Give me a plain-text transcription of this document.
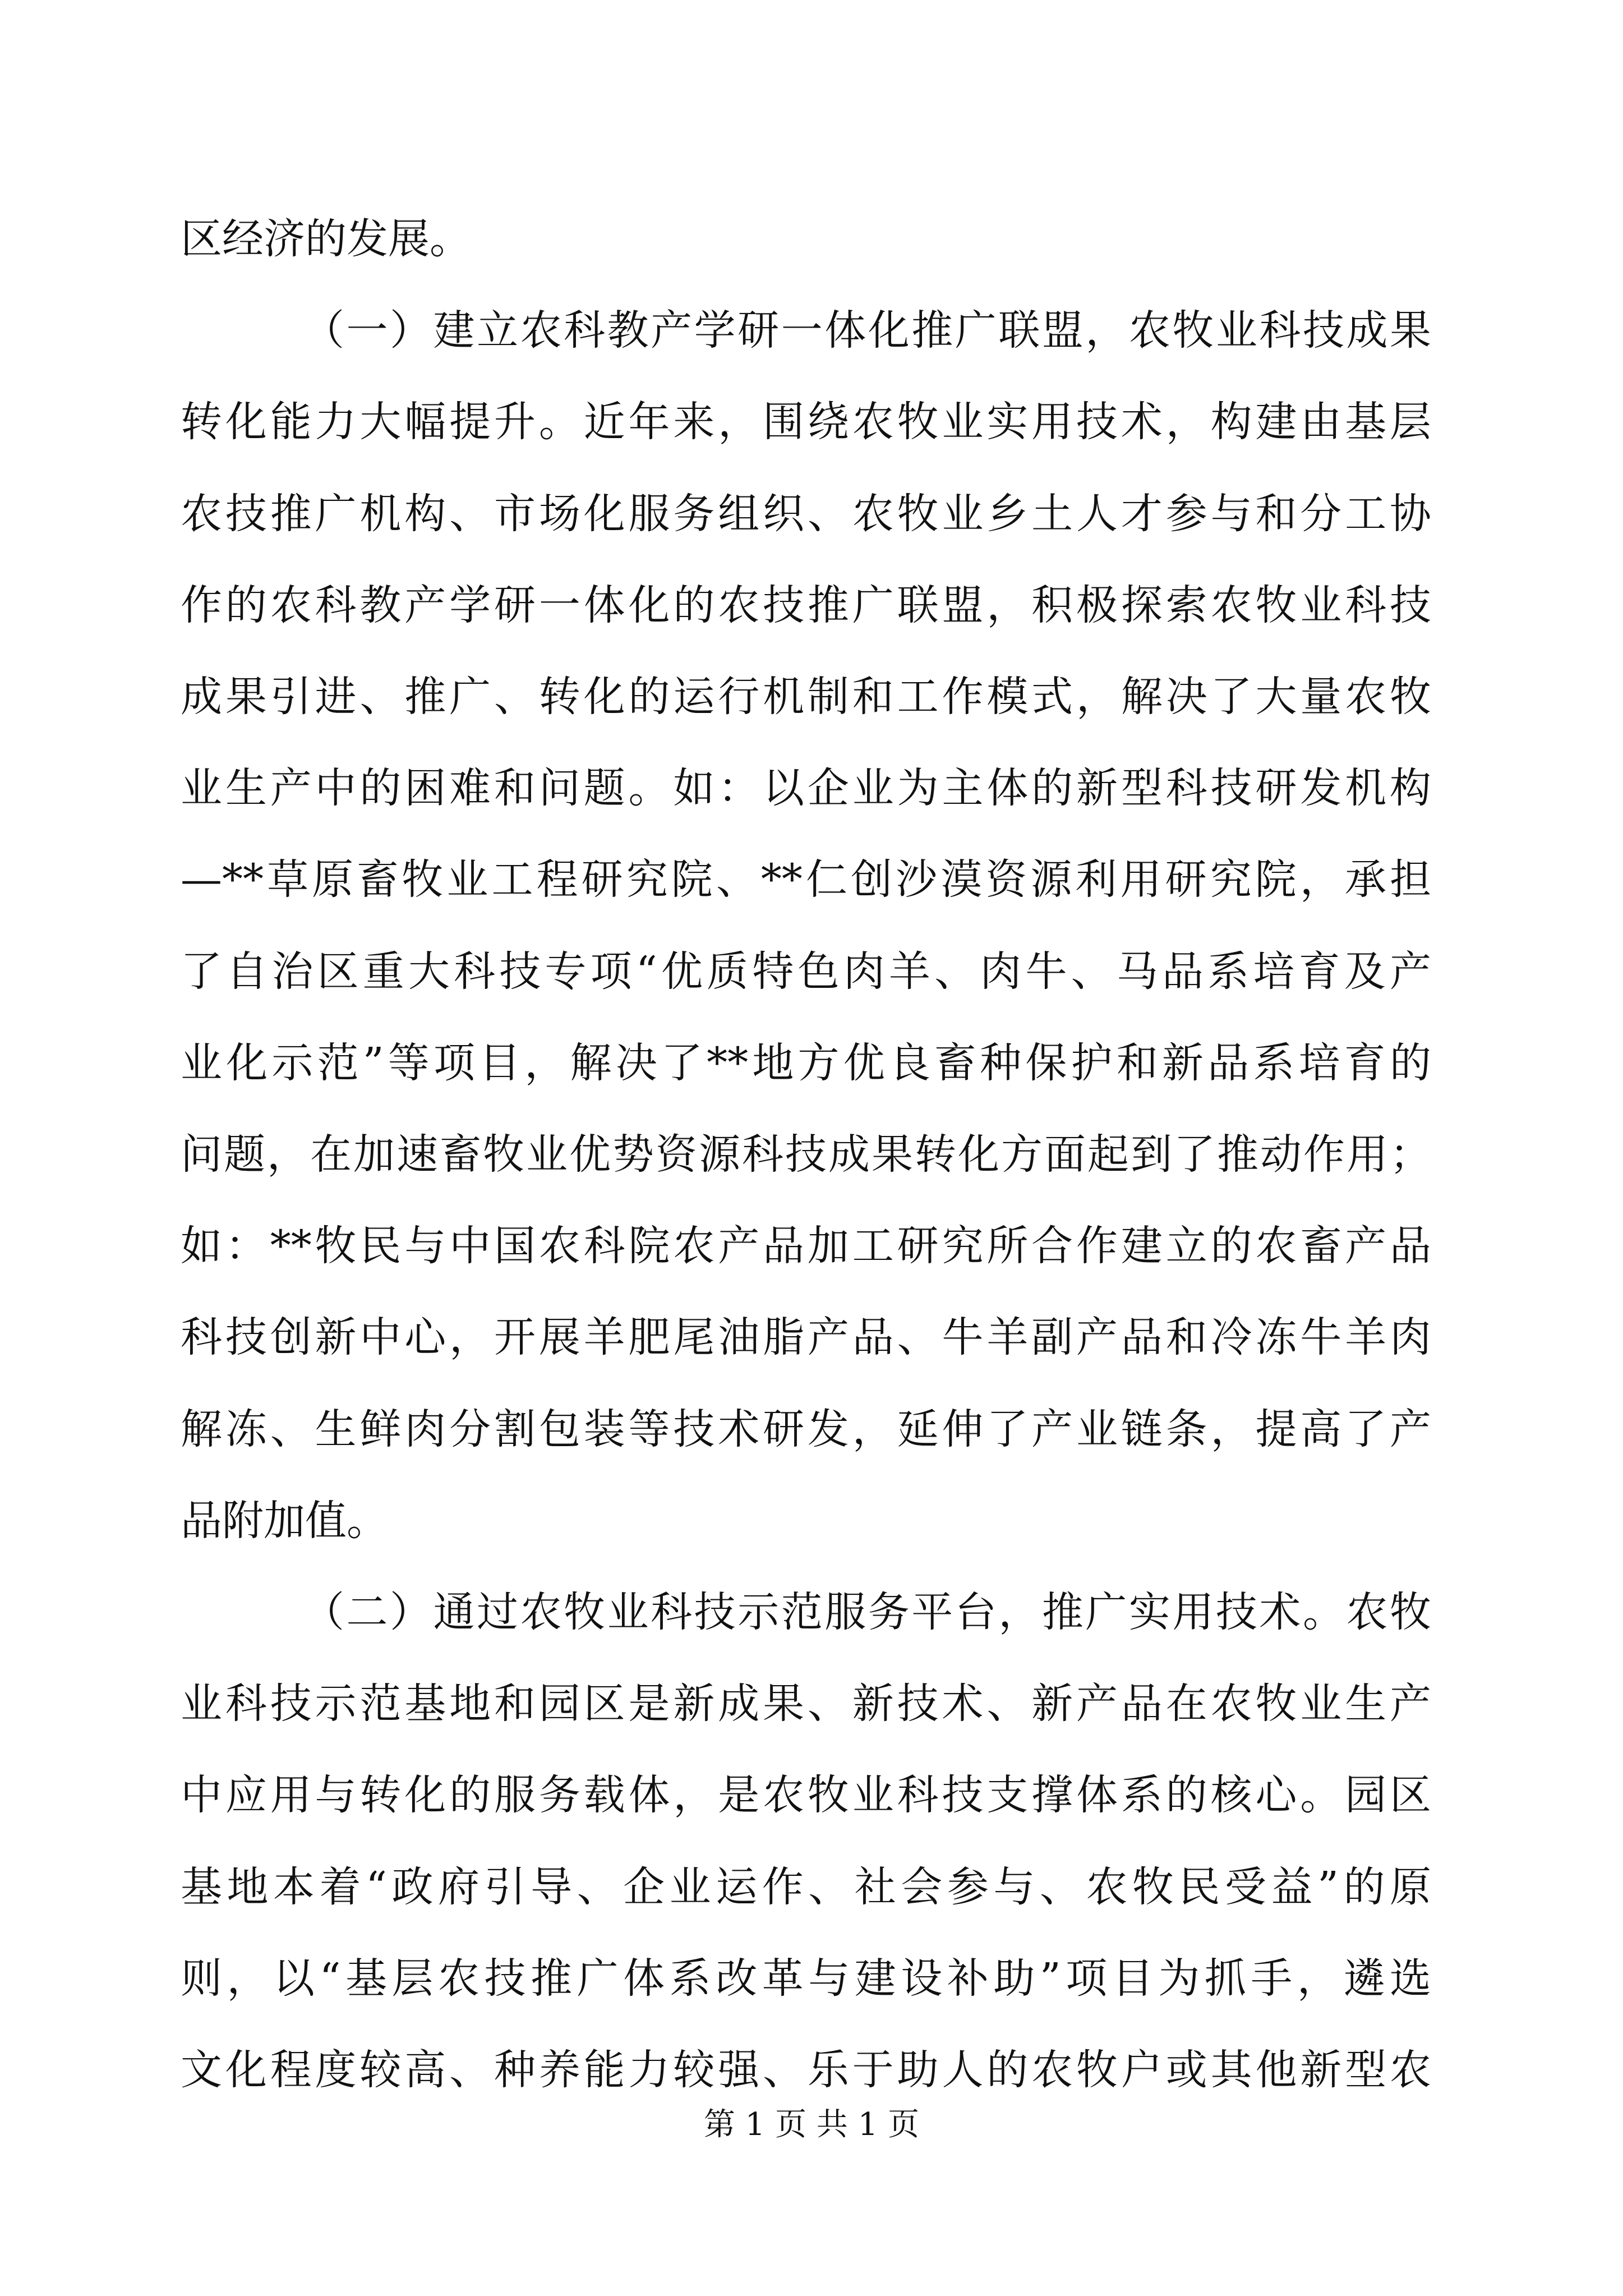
区经济的发展。
（一）建立农科教产学研一体化推广联盟，农牧业科技成果
转化能力大幅提升。近年来，围绕农牧业实用技术，构建由基层
农技推广机构、市场化服务组织、农牧业乡土人才参与和分工协
作的农科教产学研一体化的农技推广联盟，积极探索农牧业科技
成果引进、推广、转化的运行机制和工作模式，解决了大量农牧
业生产中的困难和问题。如：以企业为主体的新型科技研发机构
—**草原畜牧业工程研究院、**仁创沙漠资源利用研究院，承担
了自治区重大科技专项“优质特色肉羊、肉牛、马品系培育及产
业化示范”等项目，解决了**地方优良畜种保护和新品系培育的
问题，在加速畜牧业优势资源科技成果转化方面起到了推动作用；
如：**牧民与中国农科院农产品加工研究所合作建立的农畜产品
科技创新中心，开展羊肥尾油脂产品、牛羊副产品和冷冻牛羊肉
解冻、生鲜肉分割包装等技术研发，延伸了产业链条，提高了产
品附加值。
（二）通过农牧业科技示范服务平台，推广实用技术。农牧
业科技示范基地和园区是新成果、新技术、新产品在农牧业生产
中应用与转化的服务载体，是农牧业科技支撑体系的核心。园区
基地本着“政府引导、企业运作、社会参与、农牧民受益”的原
则，以“基层农技推广体系改革与建设补助”项目为抓手，遴选
文化程度较高、种养能力较强、乐于助人的农牧户或其他新型农
第 1 页 共 1 页
